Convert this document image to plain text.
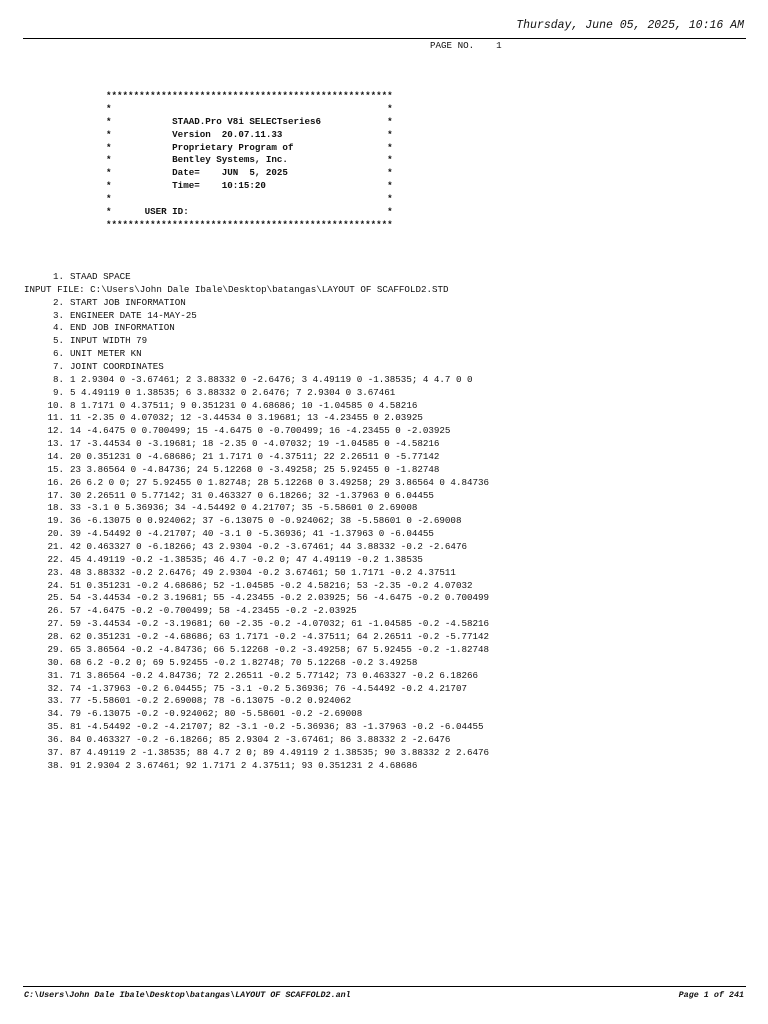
Thursday, June 05, 2025, 10:16 AM
PAGE NO. 1
****************************************************
*                                                  *
*           STAAD.Pro V8i SELECTseries6            *
*           Version  20.07.11.33                   *
*           Proprietary Program of                 *
*           Bentley Systems, Inc.                  *
*           Date=    JUN  5, 2025                  *
*           Time=    10:15:20                      *
*                                                  *
*      USER ID:                                    *
****************************************************
1. STAAD SPACE
INPUT FILE: C:\Users\John Dale Ibale\Desktop\batangas\LAYOUT OF SCAFFOLD2.STD
2. START JOB INFORMATION
3. ENGINEER DATE 14-MAY-25
4. END JOB INFORMATION
5. INPUT WIDTH 79
6. UNIT METER KN
7. JOINT COORDINATES
8. 1 2.9304 0 -3.67461; 2 3.88332 0 -2.6476; 3 4.49119 0 -1.38535; 4 4.7 0 0
9. 5 4.49119 0 1.38535; 6 3.88332 0 2.6476; 7 2.9304 0 3.67461
10. 8 1.7171 0 4.37511; 9 0.351231 0 4.68686; 10 -1.04585 0 4.58216
11. 11 -2.35 0 4.07032; 12 -3.44534 0 3.19681; 13 -4.23455 0 2.03925
12. 14 -4.6475 0 0.700499; 15 -4.6475 0 -0.700499; 16 -4.23455 0 -2.03925
13. 17 -3.44534 0 -3.19681; 18 -2.35 0 -4.07032; 19 -1.04585 0 -4.58216
14. 20 0.351231 0 -4.68686; 21 1.7171 0 -4.37511; 22 2.26511 0 -5.77142
15. 23 3.86564 0 -4.84736; 24 5.12268 0 -3.49258; 25 5.92455 0 -1.82748
16. 26 6.2 0 0; 27 5.92455 0 1.82748; 28 5.12268 0 3.49258; 29 3.86564 0 4.84736
17. 30 2.26511 0 5.77142; 31 0.463327 0 6.18266; 32 -1.37963 0 6.04455
18. 33 -3.1 0 5.36936; 34 -4.54492 0 4.21707; 35 -5.58601 0 2.69008
19. 36 -6.13075 0 0.924062; 37 -6.13075 0 -0.924062; 38 -5.58601 0 -2.69008
20. 39 -4.54492 0 -4.21707; 40 -3.1 0 -5.36936; 41 -1.37963 0 -6.04455
21. 42 0.463327 0 -6.18266; 43 2.9304 -0.2 -3.67461; 44 3.88332 -0.2 -2.6476
22. 45 4.49119 -0.2 -1.38535; 46 4.7 -0.2 0; 47 4.49119 -0.2 1.38535
23. 48 3.88332 -0.2 2.6476; 49 2.9304 -0.2 3.67461; 50 1.7171 -0.2 4.37511
24. 51 0.351231 -0.2 4.68686; 52 -1.04585 -0.2 4.58216; 53 -2.35 -0.2 4.07032
25. 54 -3.44534 -0.2 3.19681; 55 -4.23455 -0.2 2.03925; 56 -4.6475 -0.2 0.700499
26. 57 -4.6475 -0.2 -0.700499; 58 -4.23455 -0.2 -2.03925
27. 59 -3.44534 -0.2 -3.19681; 60 -2.35 -0.2 -4.07032; 61 -1.04585 -0.2 -4.58216
28. 62 0.351231 -0.2 -4.68686; 63 1.7171 -0.2 -4.37511; 64 2.26511 -0.2 -5.77142
29. 65 3.86564 -0.2 -4.84736; 66 5.12268 -0.2 -3.49258; 67 5.92455 -0.2 -1.82748
30. 68 6.2 -0.2 0; 69 5.92455 -0.2 1.82748; 70 5.12268 -0.2 3.49258
31. 71 3.86564 -0.2 4.84736; 72 2.26511 -0.2 5.77142; 73 0.463327 -0.2 6.18266
32. 74 -1.37963 -0.2 6.04455; 75 -3.1 -0.2 5.36936; 76 -4.54492 -0.2 4.21707
33. 77 -5.58601 -0.2 2.69008; 78 -6.13075 -0.2 0.924062
34. 79 -6.13075 -0.2 -0.924062; 80 -5.58601 -0.2 -2.69008
35. 81 -4.54492 -0.2 -4.21707; 82 -3.1 -0.2 -5.36936; 83 -1.37963 -0.2 -6.04455
36. 84 0.463327 -0.2 -6.18266; 85 2.9304 2 -3.67461; 86 3.88332 2 -2.6476
37. 87 4.49119 2 -1.38535; 88 4.7 2 0; 89 4.49119 2 1.38535; 90 3.88332 2 2.6476
38. 91 2.9304 2 3.67461; 92 1.7171 2 4.37511; 93 0.351231 2 4.68686
C:\Users\John Dale Ibale\Desktop\batangas\LAYOUT OF SCAFFOLD2.anl	Page 1 of 241
